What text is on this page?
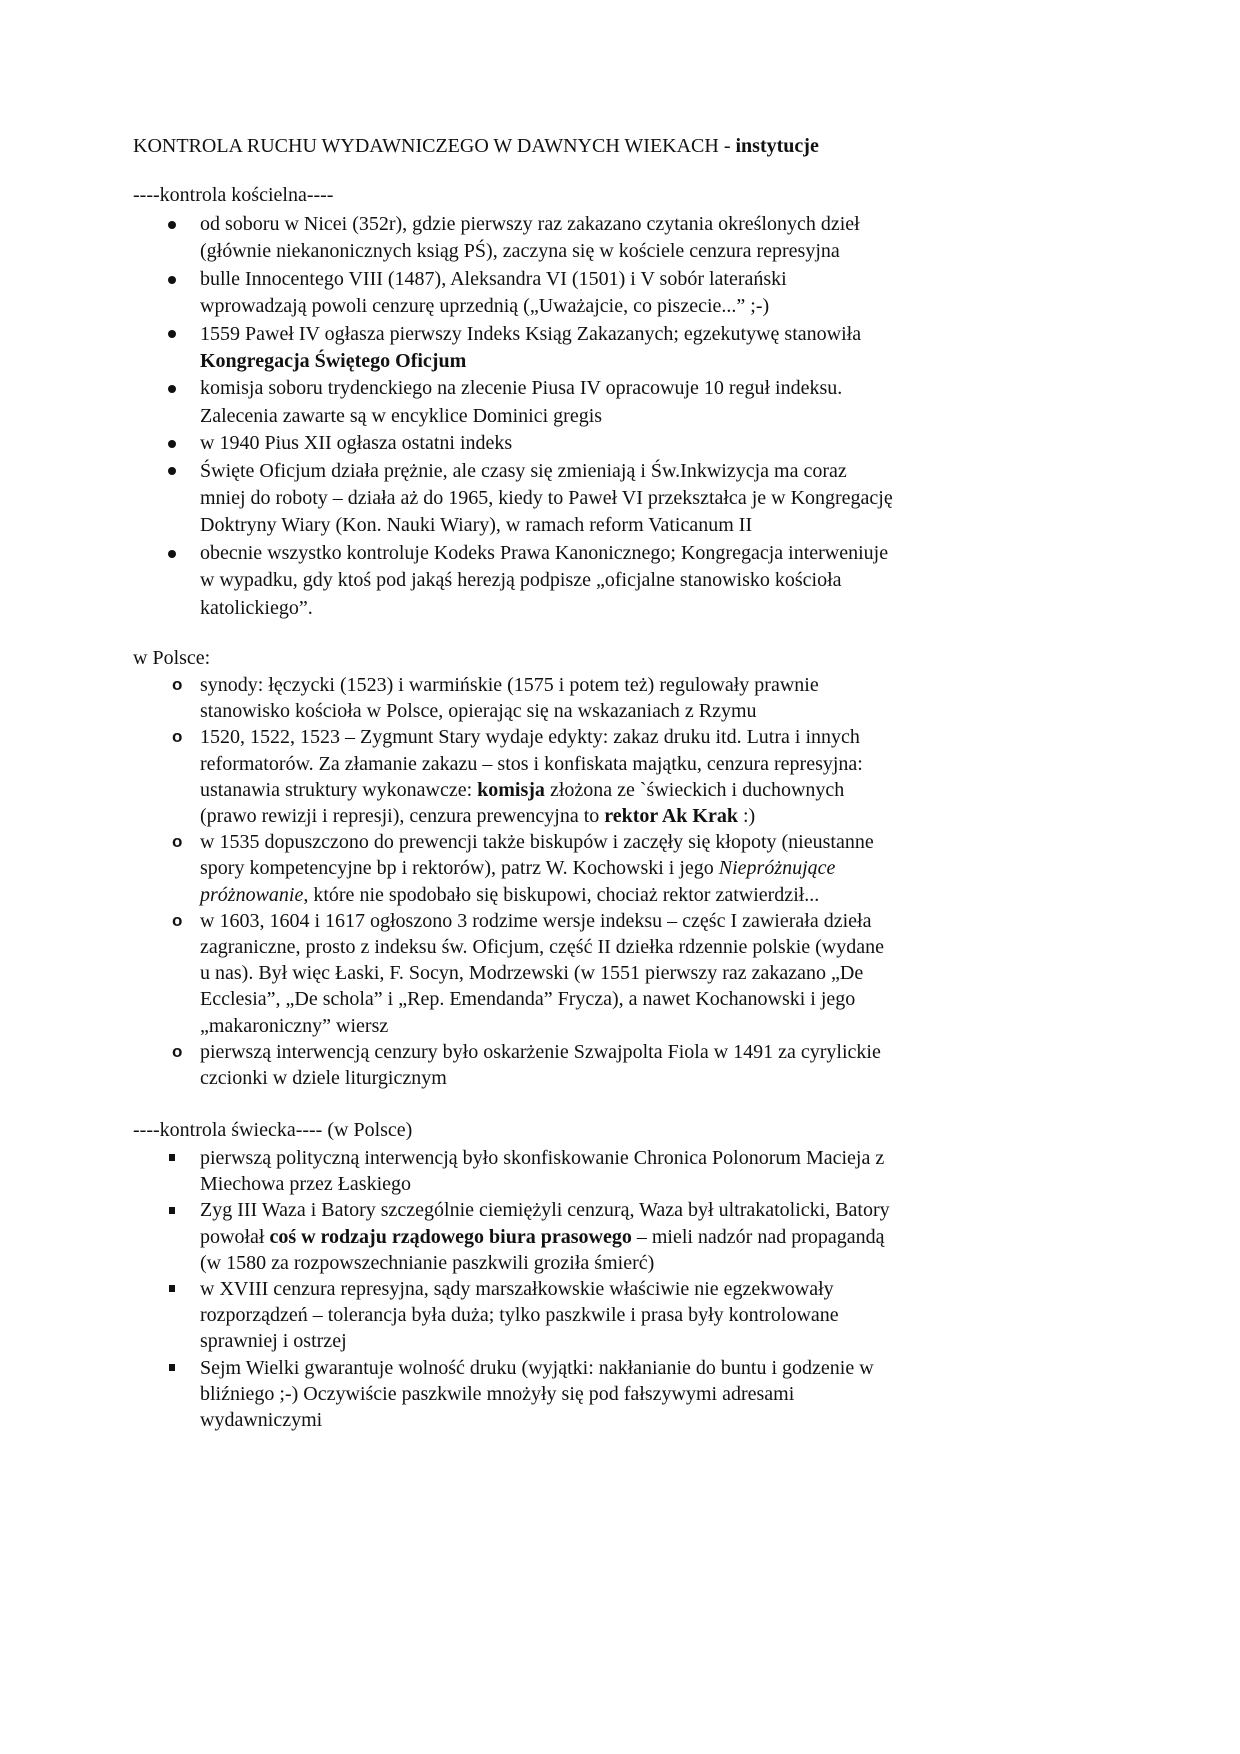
KONTROLA RUCHU WYDAWNICZEGO W DAWNYCH WIEKACH - instytucje
----kontrola kościelna----
od soboru w Nicei (352r), gdzie pierwszy raz zakazano czytania określonych dzieł
(głównie niekanonicznych ksiąg PŚ), zaczyna się w kościele cenzura represyjna
bulle Innocentego VIII (1487), Aleksandra VI (1501) i V sobór laterański
wprowadzają powoli cenzurę uprzednią („Uważajcie, co piszecie...” ;-)
1559 Paweł IV ogłasza pierwszy Indeks Ksiąg Zakazanych; egzekutywę stanowiła
Kongregacja Świętego Oficjum
komisja soboru trydenckiego na zlecenie Piusa IV opracowuje 10 reguł indeksu.
Zalecenia zawarte są w encyklice Dominici gregis
w 1940 Pius XII ogłasza ostatni indeks
Święte Oficjum działa prężnie, ale czasy się zmieniają i Św.Inkwizycja ma coraz
mniej do roboty – działa aż do 1965, kiedy to Paweł VI przekształca je w Kongregację
Doktryny Wiary (Kon. Nauki Wiary), w ramach reform Vaticanum II
obecnie wszystko kontroluje Kodeks Prawa Kanonicznego; Kongregacja interweniuje
w wypadku, gdy ktoś pod jakąś herezją podpisze „oficjalne stanowisko kościoła
katolickiego”.
w Polsce:
o synody: łęczycki (1523) i warmińskie (1575 i potem też) regulowały prawnie
stanowisko kościoła w Polsce, opierając się na wskazaniach z Rzymu
o 1520, 1522, 1523 – Zygmunt Stary wydaje edykty: zakaz druku itd. Lutra i innych
reformatorów. Za złamanie zakazu – stos i konfiskata majątku, cenzura represyjna:
ustanawia struktury wykonawcze: komisja złożona ze `świeckich i duchownych
(prawo rewizji i represji), cenzura prewencyjna to rektor Ak Krak :)
o w 1535 dopuszczono do prewencji także biskupów i zaczęły się kłopoty (nieustanne
spory kompetencyjne bp i rektorów), patrz W. Kochowski i jego Niepróżnujące
próżnowanie, które nie spodobało się biskupowi, chociaż rektor zatwierdził...
o w 1603, 1604 i 1617 ogłoszono 3 rodzime wersje indeksu – częśc I zawierała dzieła
zagraniczne, prosto z indeksu św. Oficjum, część II dziełka rdzennie polskie (wydane
u nas). Był więc Łaski, F. Socyn, Modrzewski (w 1551 pierwszy raz zakazano „De
Ecclesia”, „De schola” i „Rep. Emendanda” Frycza), a nawet Kochanowski i jego
„makaroniczny” wiersz
o pierwszą interwencją cenzury było oskarżenie Szwajpolta Fiola w 1491 za cyrylickie
czcionki w dziele liturgicznym
----kontrola świecka---- (w Polsce)
pierwszą polityczną interwencją było skonfiskowanie Chronica Polonorum Macieja z
Miechowa przez Łaskiego
Zyg III Waza i Batory szczególnie ciemiężyli cenzurą, Waza był ultrakatolicki, Batory
powołał coś w rodzaju rządowego biura prasowego – mieli nadzór nad propagandą
(w 1580 za rozpowszechnianie paszkwili groziła śmierć)
w XVIII cenzura represyjna, sądy marszałkowskie właściwie nie egzekwowały
rozporządzeń – tolerancja była duża; tylko paszkwile i prasa były kontrolowane
sprawniej i ostrzej
Sejm Wielki gwarantuje wolność druku (wyjątki: nakłanianie do buntu i godzenie w
bliźniego ;-) Oczywiście paszkwile mnożyły się pod fałszywymi adresami
wydawniczymi
